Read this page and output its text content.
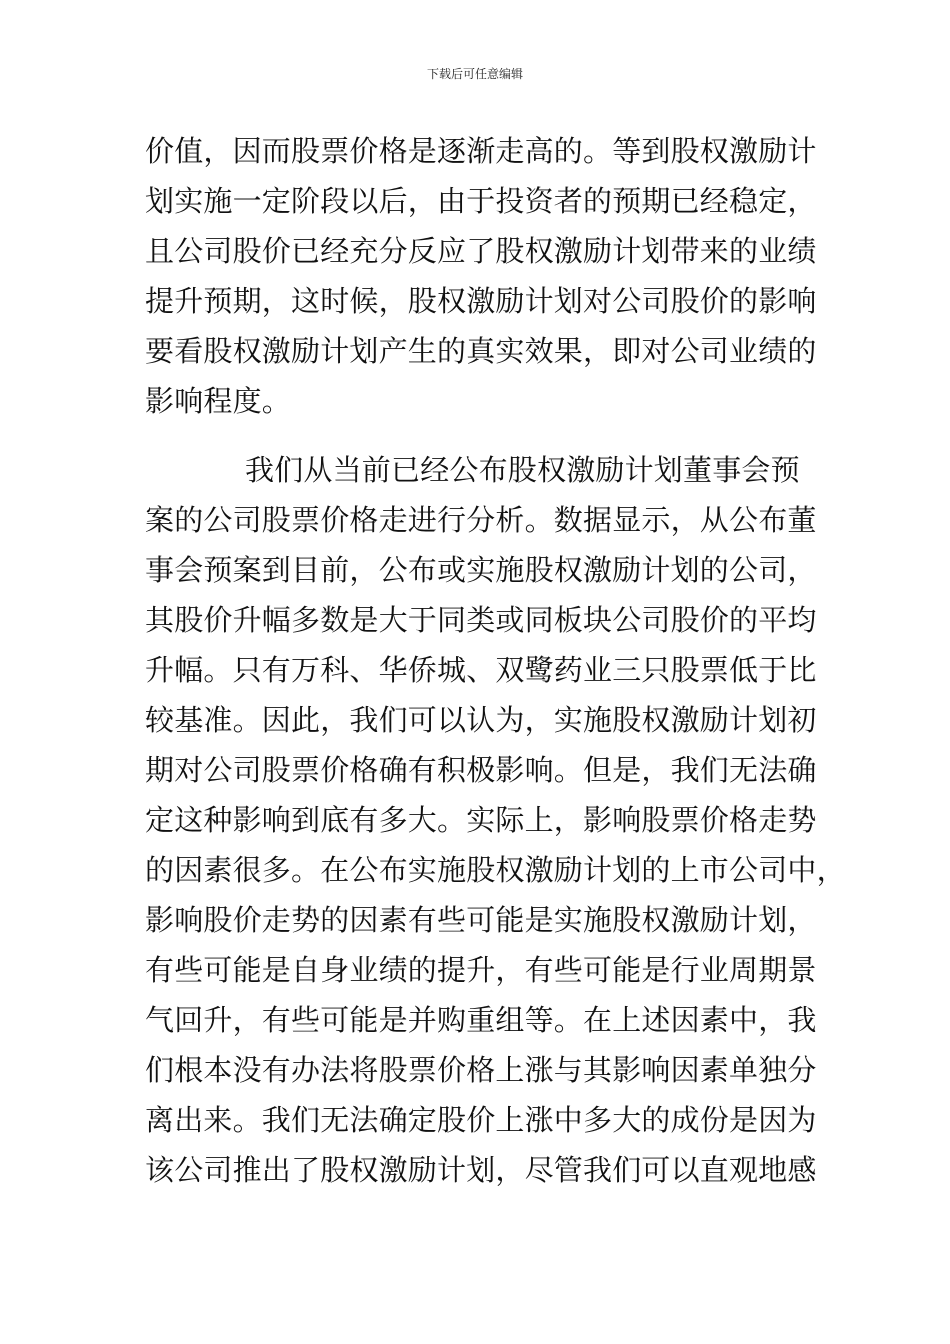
下载后可任意编辑
价值，因而股票价格是逐渐走高的。等到股权激励计
划实施一定阶段以后，由于投资者的预期已经稳定，
且公司股价已经充分反应了股权激励计划带来的业绩
提升预期，这时候，股权激励计划对公司股价的影响
要看股权激励计划产生的真实效果，即对公司业绩的
影响程度。
我们从当前已经公布股权激励计划董事会预
案的公司股票价格走进行分析。数据显示，从公布董
事会预案到目前，公布或实施股权激励计划的公司，
其股价升幅多数是大于同类或同板块公司股价的平均
升幅。只有万科、华侨城、双鹭药业三只股票低于比
较基准。因此，我们可以认为，实施股权激励计划初
期对公司股票价格确有积极影响。但是，我们无法确
定这种影响到底有多大。实际上，影响股票价格走势
的因素很多。在公布实施股权激励计划的上市公司中，
影响股价走势的因素有些可能是实施股权激励计划，
有些可能是自身业绩的提升，有些可能是行业周期景
气回升，有些可能是并购重组等。在上述因素中，我
们根本没有办法将股票价格上涨与其影响因素单独分
离出来。我们无法确定股价上涨中多大的成份是因为
该公司推出了股权激励计划，尽管我们可以直观地感
